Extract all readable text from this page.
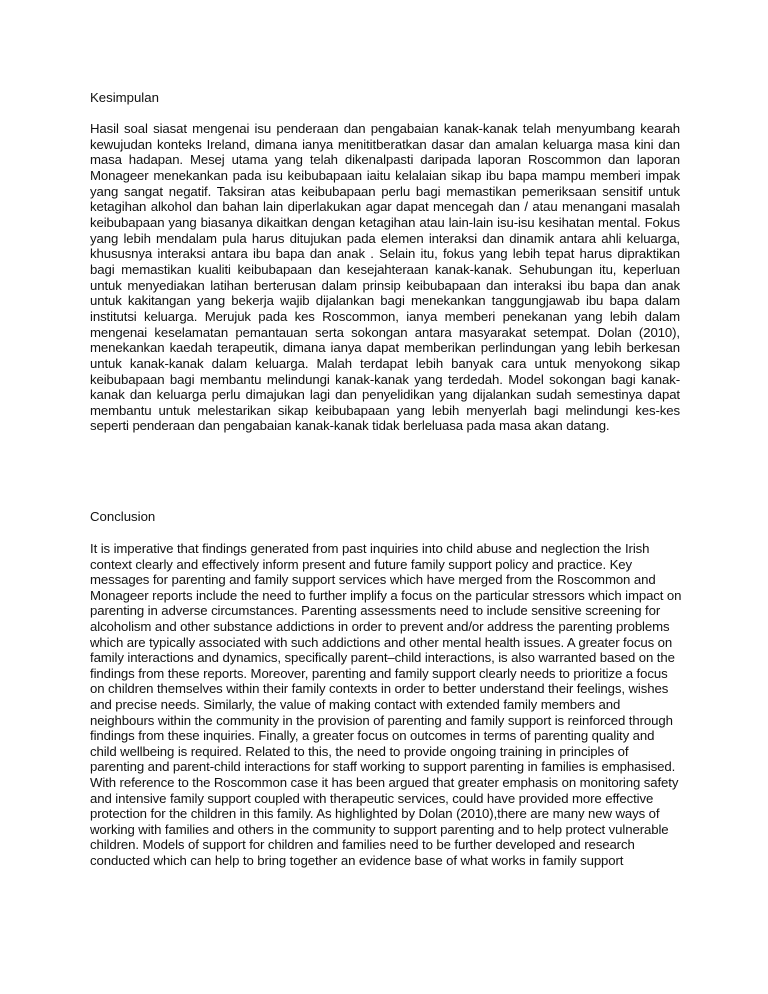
Kesimpulan

Hasil soal siasat mengenai isu penderaan dan pengabaian kanak-kanak telah menyumbang kearah kewujudan konteks Ireland, dimana ianya menititberatkan dasar dan amalan keluarga masa kini dan masa hadapan. Mesej utama yang telah dikenalpasti daripada laporan Roscommon dan laporan Monageer menekankan pada isu keibubapaan iaitu kelalaian sikap ibu bapa mampu memberi impak yang sangat negatif. Taksiran atas keibubapaan perlu bagi memastikan pemeriksaan sensitif untuk ketagihan alkohol dan bahan lain diperlakukan agar dapat mencegah dan / atau menangani masalah keibubapaan yang biasanya dikaitkan dengan ketagihan atau lain-lain isu-isu kesihatan mental. Fokus yang lebih mendalam pula harus ditujukan pada elemen interaksi dan dinamik antara ahli keluarga, khususnya interaksi antara ibu bapa dan anak . Selain itu, fokus yang lebih tepat harus dipraktikan bagi memastikan kualiti keibubapaan dan kesejahteraan kanak-kanak. Sehubungan itu, keperluan untuk menyediakan latihan berterusan dalam prinsip keibubapaan dan interaksi ibu bapa dan anak untuk kakitangan yang bekerja wajib dijalankan bagi menekankan tanggungjawab ibu bapa dalam institutsi keluarga. Merujuk pada kes Roscommon, ianya memberi penekanan yang lebih dalam mengenai keselamatan pemantauan serta sokongan antara masyarakat setempat. Dolan (2010), menekankan kaedah terapeutik, dimana ianya dapat memberikan perlindungan yang lebih berkesan untuk kanak-kanak dalam keluarga. Malah terdapat lebih banyak cara untuk menyokong sikap keibubapaan bagi membantu melindungi kanak-kanak yang terdedah. Model sokongan bagi kanak-kanak dan keluarga perlu dimajukan lagi dan penyelidikan yang dijalankan sudah semestinya dapat membantu untuk melestarikan sikap keibubapaan yang lebih menyerlah bagi melindungi kes-kes seperti penderaan dan pengabaian kanak-kanak tidak berleluasa pada masa akan datang.

Conclusion

It is imperative that findings generated from past inquiries into child abuse and neglection the Irish context clearly and effectively inform present and future family support policy and practice. Key messages for parenting and family support services which have merged from the Roscommon and Monageer reports include the need to further implify a focus on the particular stressors which impact on parenting in adverse circumstances. Parenting assessments need to include sensitive screening for alcoholism and other substance addictions in order to prevent and/or address the parenting problems which are typically associated with such addictions and other mental health issues. A greater focus on family interactions and dynamics, specifically parent–child interactions, is also warranted based on the findings from these reports. Moreover, parenting and family support clearly needs to prioritize a focus on children themselves within their family contexts in order to better understand their feelings, wishes and precise needs. Similarly, the value of making contact with extended family members and neighbours within the community in the provision of parenting and family support is reinforced through findings from these inquiries. Finally, a greater focus on outcomes in terms of parenting quality and child wellbeing is required. Related to this, the need to provide ongoing training in principles of parenting and parent-child interactions for staff working to support parenting in families is emphasised. With reference to the Roscommon case it has been argued that greater emphasis on monitoring safety and intensive family support coupled with therapeutic services, could have provided more effective protection for the children in this family. As highlighted by Dolan (2010),there are many new ways of working with families and others in the community to support parenting and to help protect vulnerable children. Models of support for children and families need to be further developed and research conducted which can help to bring together an evidence base of what works in family support
